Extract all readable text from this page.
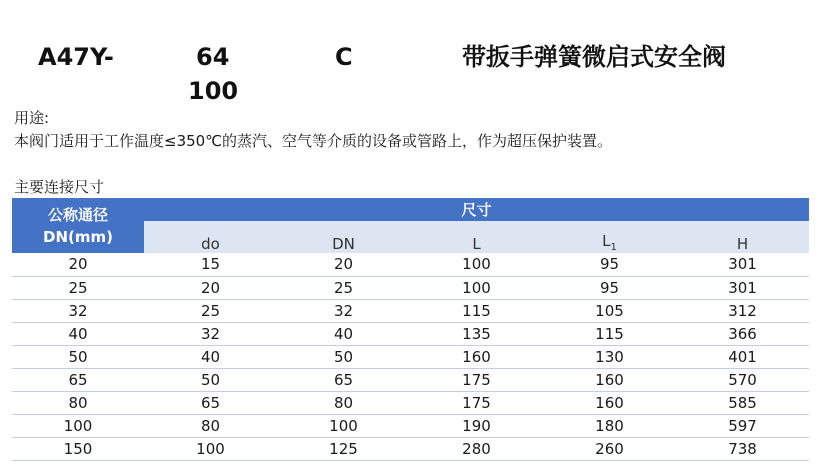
A47Y-	64
100
C	带扳手弹簧微启式安全阀
用途:
本阀门适用于工作温度≤350℃的蒸汽、空气等介质的设备或管路上，作为超压保护装置。
主要连接尺寸
公称通径
DN(mm)	尺寸				
	do	DN	L	$L_1$	H
20	15	20	100	95	301
25	20	25	100	95	301
32	25	32	115	105	312
40	32	40	135	115	366
50	40	50	160	130	401
65	50	65	175	160	570
80	65	80	175	160	585
100	80	100	190	180	597
150	100	125	280	260	738
